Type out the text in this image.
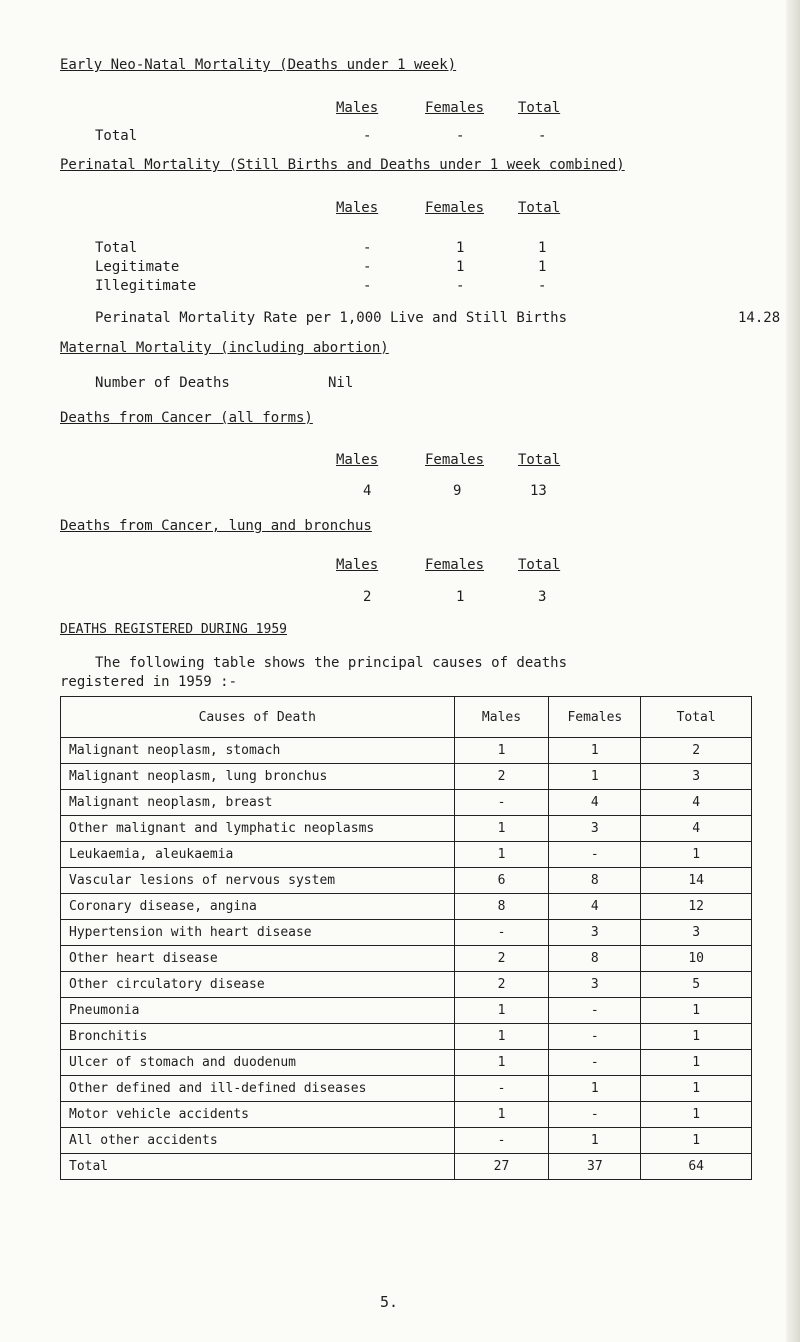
Early Neo-Natal Mortality (Deaths under 1 week)
Males	Females Total
Total	-	-	-
Perinatal Mortality (Still Births and Deaths under 1 week combined)
Males	Females Total
Total	-	1	1
Legitimate	-	1	1
Illegitimate	-	-	-
Perinatal Mortality Rate per 1,000 Live and Still Births	14.28
Maternal Mortality (including abortion)
Number of Deaths	Nil
Deaths from Cancer (all forms)
Males	Females Total
4	9	13
Deaths from Cancer, lung and bronchus
Males	Females Total
2	1	3
DEATHS REGISTERED DURING 1959
The following table shows the principal causes of deaths
registered in 1959 :-
Causes of Death	Males	Females	Total
Malignant neoplasm, stomach	1	1	2
Malignant neoplasm, lung bronchus	2	1	3
Malignant neoplasm, breast	-	4	4
Other malignant and lymphatic neoplasms	1	3	4
Leukaemia, aleukaemia	1	-	1
Vascular lesions of nervous system	6	8	14
Coronary disease, angina	8	4	12
Hypertension with heart disease	-	3	3
Other heart disease	2	8	10
Other circulatory disease	2	3	5
Pneumonia	1	-	1
Bronchitis	1	-	1
Ulcer of stomach and duodenum	1	-	1
Other defined and ill-defined diseases	-	1	1
Motor vehicle accidents	1	-	1
All other accidents	-	1	1
Total	27	37	64
5.
